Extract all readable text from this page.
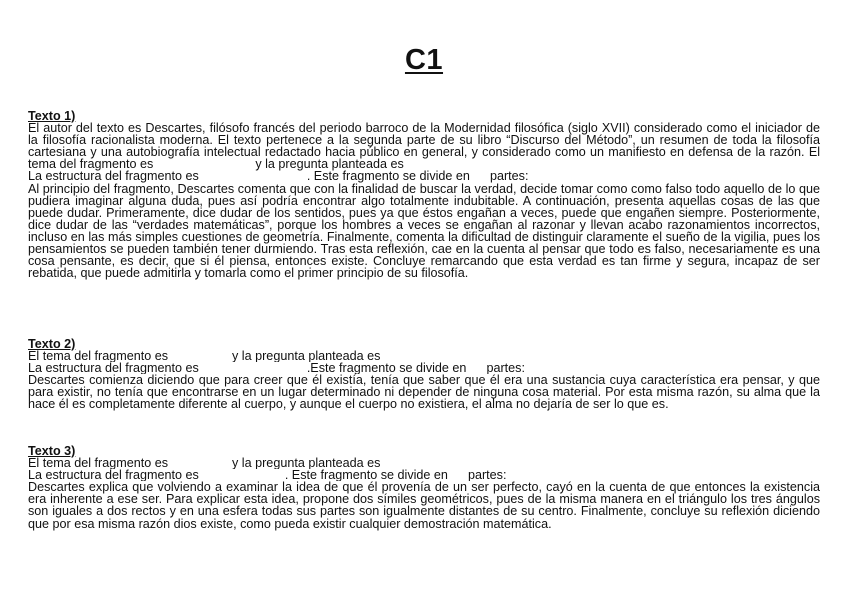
C1
Texto 1)
El autor del texto es Descartes, filósofo francés del periodo barroco de la Modernidad filosófica (siglo XVII) considerado como el iniciador de la filosofía racionalista moderna. El texto pertenece a la segunda parte de su libro “Discurso del Método”, un resumen de toda la filosofía cartesiana y una autobiografía intelectual redactado hacia público en general, y considerado como un manifiesto en defensa de la razón. El tema del fragmento es	y la pregunta planteada es
La estructura del fragmento es	. Este fragmento se divide en partes:
Al principio del fragmento, Descartes comenta que con la finalidad de buscar la verdad, decide tomar como como falso todo aquello de lo que pudiera imaginar alguna duda, pues así podría encontrar algo totalmente indubitable. A continuación, presenta aquellas cosas de las que puede dudar. Primeramente, dice dudar de los sentidos, pues ya que éstos engañan a veces, puede que engañen siempre. Posteriormente, dice dudar de las “verdades matemáticas”, porque los hombres a veces se engañan al razonar y llevan acabo razonamientos incorrectos, incluso en las más simples cuestiones de geometría. Finalmente, comenta la dificultad de distinguir claramente el sueño de la vigilia, pues los pensamientos se pueden también tener durmiendo. Tras esta reflexión, cae en la cuenta al pensar que todo es falso, necesariamente es una cosa pensante, es decir, que si él piensa, entonces existe. Concluye remarcando que esta verdad es tan firme y segura, incapaz de ser rebatida, que puede admitirla y tomarla como el primer principio de su filosofía.
Texto 2)
El tema del fragmento es	y la pregunta planteada es
La estructura del fragmento es	.Este fragmento se divide en partes:
Descartes comienza diciendo que para creer que él existía, tenía que saber que él era una sustancia cuya característica era pensar, y que para existir, no tenía que encontrarse en un lugar determinado ni depender de ninguna cosa material. Por esta misma razón, su alma que la hace él es completamente diferente al cuerpo, y aunque el cuerpo no existiera, el alma no dejaría de ser lo que es.
Texto 3)
El tema del fragmento es	y la pregunta planteada es
La estructura del fragmento es	. Este fragmento se divide en partes:
Descartes explica que volviendo a examinar la idea de que él provenía de un ser perfecto, cayó en la cuenta de que entonces la existencia era inherente a ese ser. Para explicar esta idea, propone dos símiles geométricos, pues de la misma manera en el triángulo los tres ángulos son iguales a dos rectos y en una esfera todas sus partes son igualmente distantes de su centro. Finalmente, concluye su reflexión diciendo que por esa misma razón dios existe, como pueda existir cualquier demostración matemática.
